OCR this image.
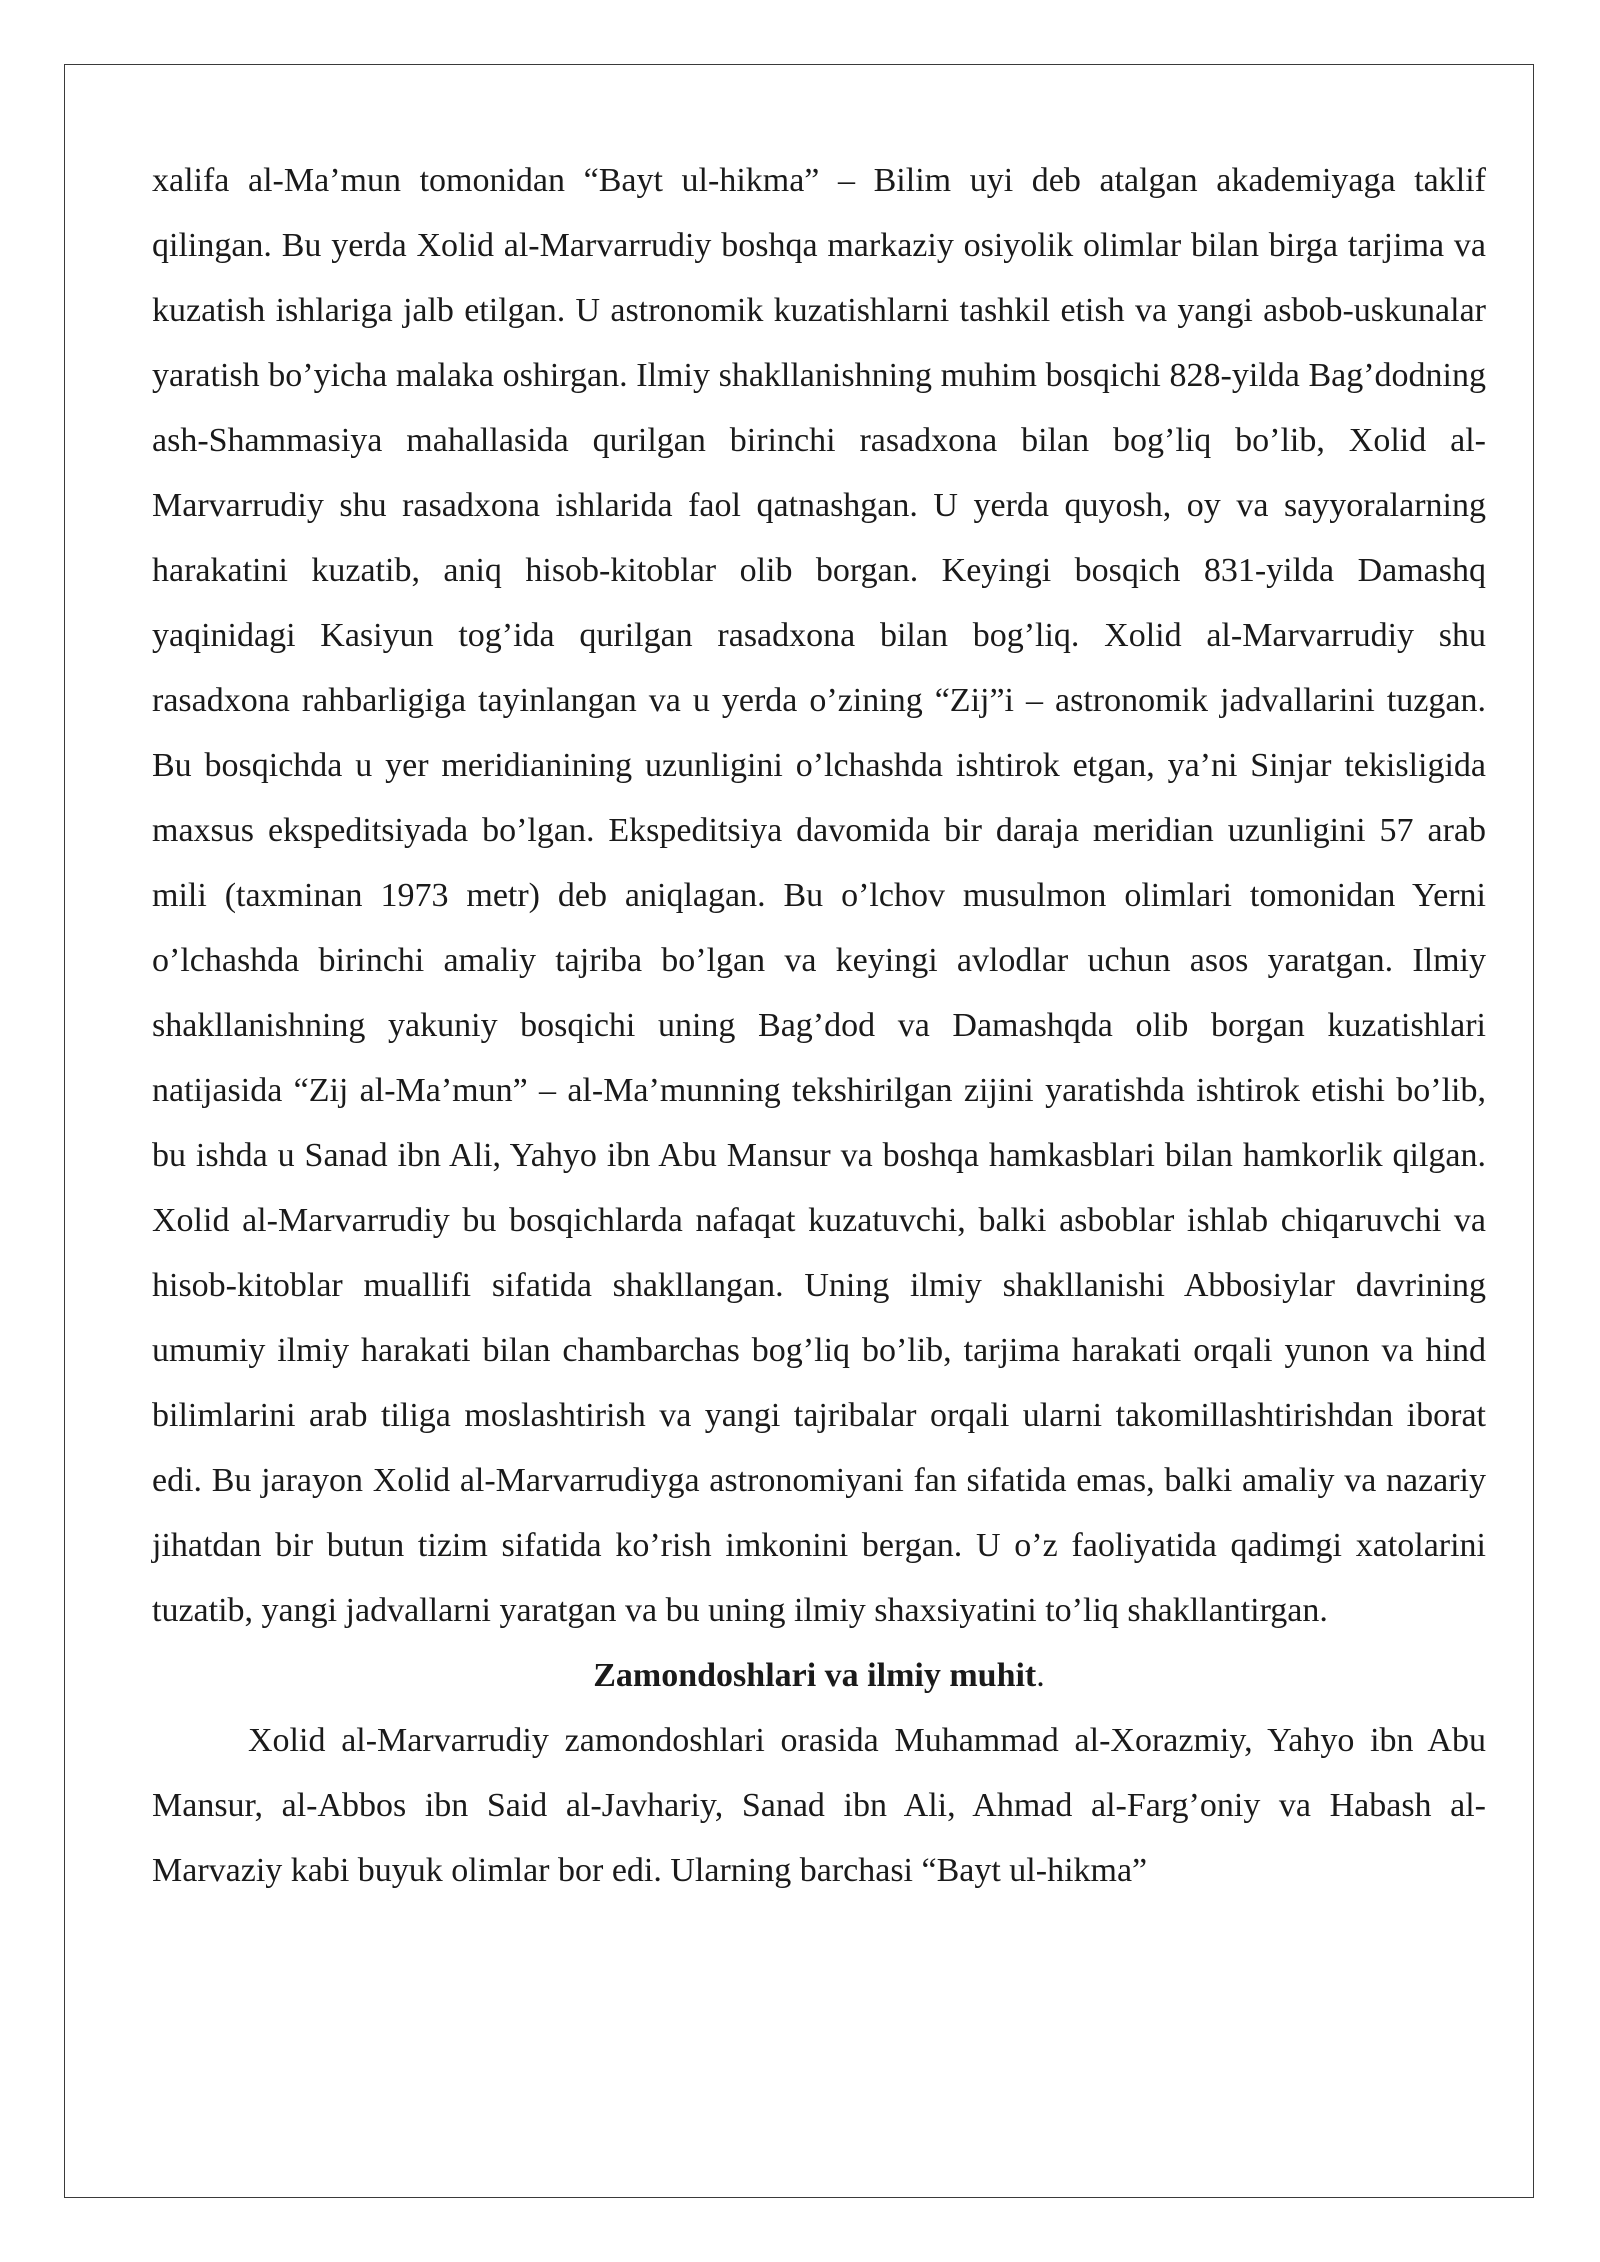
xalifa al-Ma’mun tomonidan “Bayt ul-hikma” – Bilim uyi deb atalgan akademiyaga taklif qilingan. Bu yerda Xolid al-Marvarrudiy boshqa markaziy osiyolik olimlar bilan birga tarjima va kuzatish ishlariga jalb etilgan. U astronomik kuzatishlarni tashkil etish va yangi asbob-uskunalar yaratish bo’yicha malaka oshirgan. Ilmiy shakllanishning muhim bosqichi 828-yilda Bag’dodning ash-Shammasiya mahallasida qurilgan birinchi rasadxona bilan bog’liq bo’lib, Xolid al-Marvarrudiy shu rasadxona ishlarida faol qatnashgan. U yerda quyosh, oy va sayyoralarning harakatini kuzatib, aniq hisob-kitoblar olib borgan. Keyingi bosqich 831-yilda Damashq yaqinidagi Kasiyun tog’ida qurilgan rasadxona bilan bog’liq. Xolid al-Marvarrudiy shu rasadxona rahbarligiga tayinlangan va u yerda o’zining “Zij”i – astronomik jadvallarini tuzgan. Bu bosqichda u yer meridianining uzunligini o’lchashda ishtirok etgan, ya’ni Sinjar tekisligida maxsus ekspeditsiyada bo’lgan. Ekspeditsiya davomida bir daraja meridian uzunligini 57 arab mili (taxminan 1973 metr) deb aniqlagan. Bu o’lchov musulmon olimlari tomonidan Yerni o’lchashda birinchi amaliy tajriba bo’lgan va keyingi avlodlar uchun asos yaratgan. Ilmiy shakllanishning yakuniy bosqichi uning Bag’dod va Damashqda olib borgan kuzatishlari natijasida “Zij al-Ma’mun” – al-Ma’munning tekshirilgan zijini yaratishda ishtirok etishi bo’lib, bu ishda u Sanad ibn Ali, Yahyo ibn Abu Mansur va boshqa hamkasblari bilan hamkorlik qilgan. Xolid al-Marvarrudiy bu bosqichlarda nafaqat kuzatuvchi, balki asboblar ishlab chiqaruvchi va hisob-kitoblar muallifi sifatida shakllangan. Uning ilmiy shakllanishi Abbosiylar davrining umumiy ilmiy harakati bilan chambarchas bog’liq bo’lib, tarjima harakati orqali yunon va hind bilimlarini arab tiliga moslashtirish va yangi tajribalar orqali ularni takomillashtirishdan iborat edi. Bu jarayon Xolid al-Marvarrudiyga astronomiyani fan sifatida emas, balki amaliy va nazariy jihatdan bir butun tizim sifatida ko’rish imkonini bergan. U o’z faoliyatida qadimgi xatolarini tuzatib, yangi jadvallarni yaratgan va bu uning ilmiy shaxsiyatini to’liq shakllantirgan.

Zamondoshlari va ilmiy muhit.

Xolid al-Marvarrudiy zamondoshlari orasida Muhammad al-Xorazmiy, Yahyo ibn Abu Mansur, al-Abbos ibn Said al-Javhariy, Sanad ibn Ali, Ahmad al-Farg’oniy va Habash al-Marvaziy kabi buyuk olimlar bor edi. Ularning barchasi “Bayt ul-hikma”
